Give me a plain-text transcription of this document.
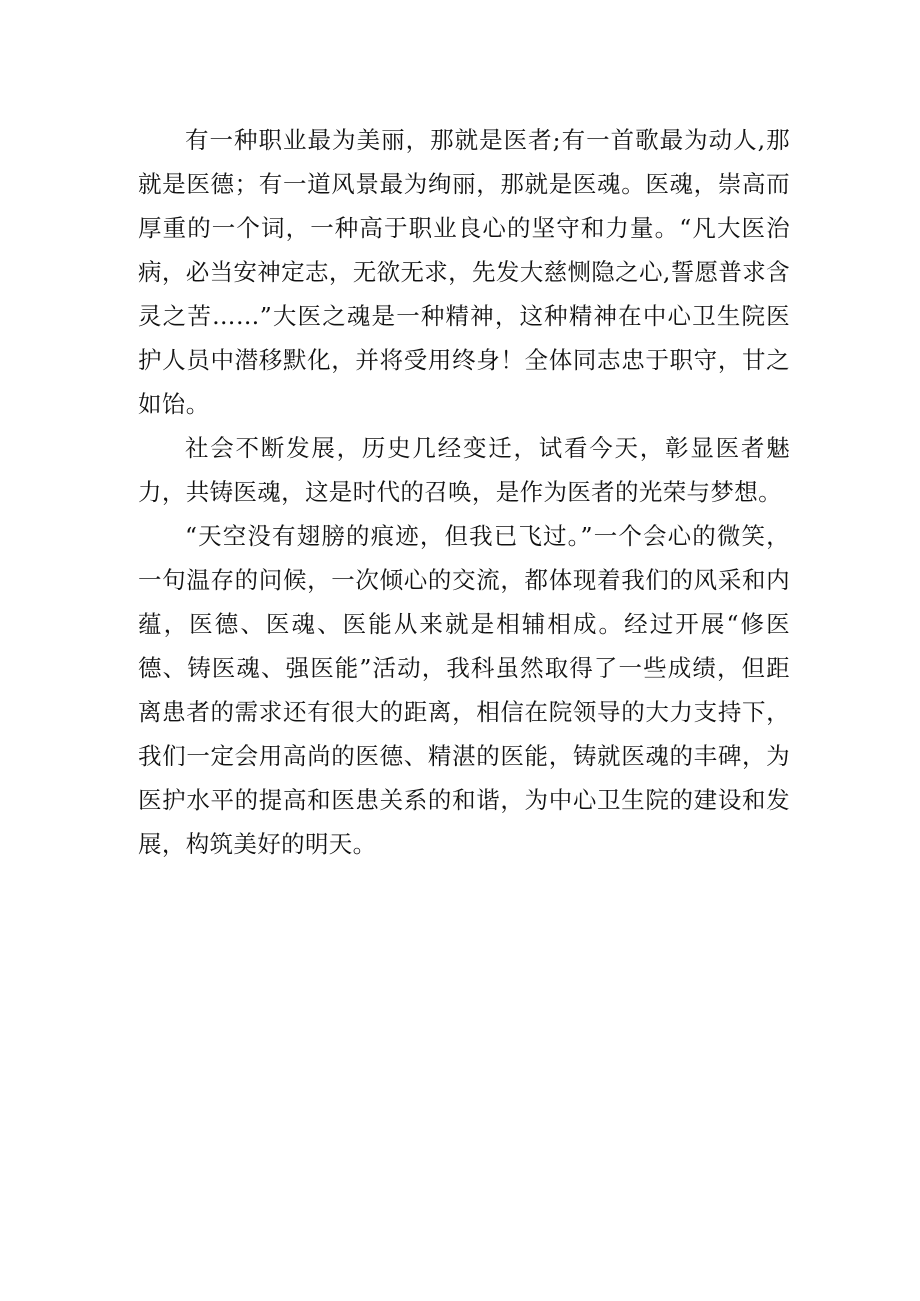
有一种职业最为美丽，那就是医者;有一首歌最为动人,那就是医德；有一道风景最为绚丽，那就是医魂。医魂，崇高而厚重的一个词，一种高于职业良心的坚守和力量。“凡大医治病，必当安神定志，无欲无求，先发大慈恻隐之心,誓愿普求含灵之苦……”大医之魂是一种精神，这种精神在中心卫生院医护人员中潜移默化，并将受用终身！全体同志忠于职守，甘之如饴。

社会不断发展，历史几经变迁，试看今天，彰显医者魅力，共铸医魂，这是时代的召唤，是作为医者的光荣与梦想。

“天空没有翅膀的痕迹，但我已飞过。”一个会心的微笑，一句温存的问候，一次倾心的交流，都体现着我们的风采和内蕴，医德、医魂、医能从来就是相辅相成。经过开展“修医德、铸医魂、强医能”活动，我科虽然取得了一些成绩，但距离患者的需求还有很大的距离，相信在院领导的大力支持下，我们一定会用高尚的医德、精湛的医能，铸就医魂的丰碑，为医护水平的提高和医患关系的和谐，为中心卫生院的建设和发展，构筑美好的明天。
